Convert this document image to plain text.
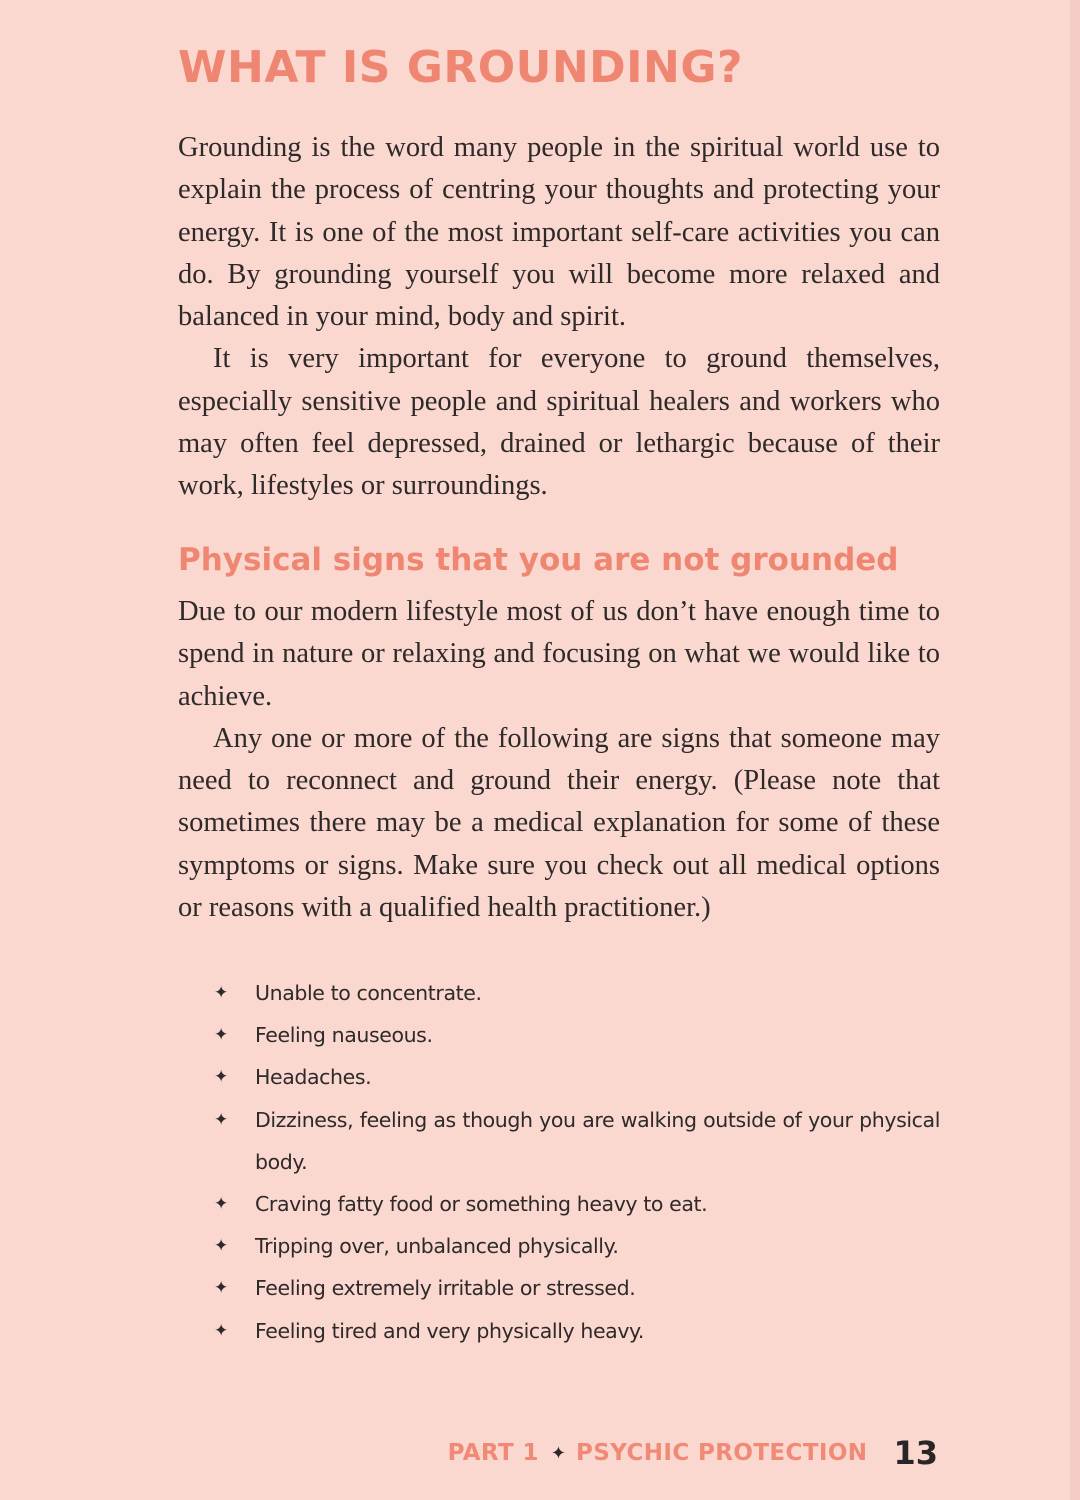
WHAT IS GROUNDING?

Grounding is the word many people in the spiritual world use to explain the process of centring your thoughts and protecting your energy. It is one of the most important self-care activities you can do. By grounding yourself you will become more relaxed and balanced in your mind, body and spirit.

It is very important for everyone to ground themselves, especially sensitive people and spiritual healers and workers who may often feel depressed, drained or lethargic because of their work, lifestyles or surroundings.

Physical signs that you are not grounded

Due to our modern lifestyle most of us don’t have enough time to spend in nature or relaxing and focusing on what we would like to achieve.

Any one or more of the following are signs that someone may need to reconnect and ground their energy. (Please note that sometimes there may be a medical explanation for some of these symptoms or signs. Make sure you check out all medical options or reasons with a qualified health practitioner.)

✦ Unable to concentrate.
✦ Feeling nauseous.
✦ Headaches.
✦ Dizziness, feeling as though you are walking outside of your physical body.
✦ Craving fatty food or something heavy to eat.
✦ Tripping over, unbalanced physically.
✦ Feeling extremely irritable or stressed.
✦ Feeling tired and very physically heavy.
PART 1 ✦ PSYCHIC PROTECTION 13
